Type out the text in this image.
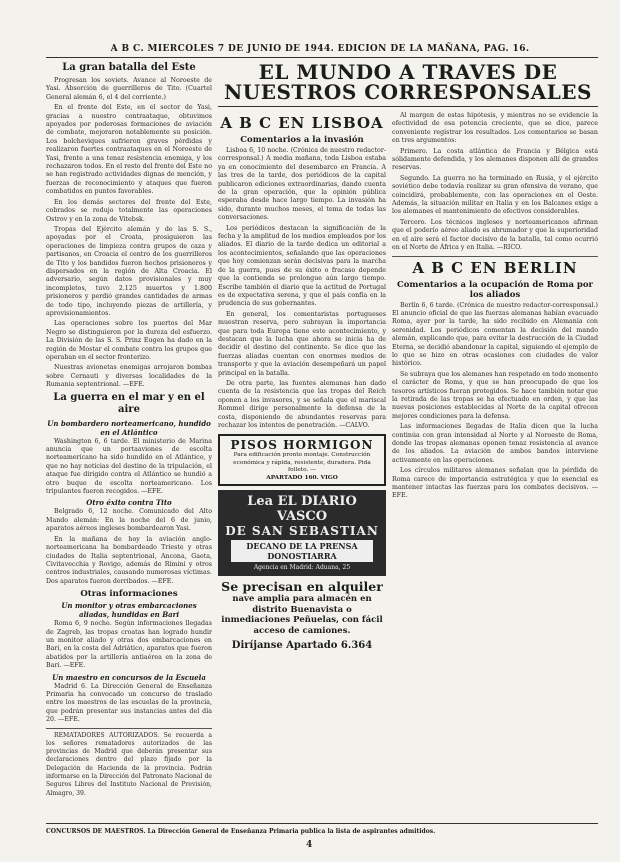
A B C. MIERCOLES 7 DE JUNIO DE 1944. EDICION DE LA MAÑANA, PAG. 16.
La gran batalla del Este

Progresan los soviets. Avance al Noroeste de Yasi. Absorción de guerrilleros de Tito. (Cuartel General alemán 6, el 4 del corriente.)

En el frente del Este, en el sector de Yasi, gracias a nuestro contraataque, obtuvimos apoyados por poderosas formaciones de aviación de combate, mejoraron notablemente su posición. Los bolcheviques sufrieron graves pérdidas y realizaron fuertes contraataques en el Noroeste de Yasi, frente a una tenaz resistencia enemiga, y los rechazaron todos. En el resto del frente del Este no se han registrado actividades dignas de mención, y fuerzas de reconocimiento y ataques que fueron combatidos en puntos favorables.

En los demás sectores del frente del Este, cobrados se redujo totalmente las operaciones Ostrov y en la zona de Vitebsk.

Tropas del Ejército alemán y de las S. S., apoyadas por el Croata, prosiguieron las operaciones de limpieza contra grupos de caza y partisanos, en Croacia el centro de los guerrilleros de Tito y los bandidos fueron hechos prisioneros y dispersados en la región de Alta Croacia. El adversario, según datos provisionales y muy incompletos, tuvo 2.125 muertos y 1.800 prisioneros y perdió grandes cantidades de armas de todo tipo, incluyendo piezas de artillería, y aprovisionamientos.

Las operaciones sobre los puertos del Mar Negro se distinguieron por la dureza del esfuerzo. La División de las S. S. Prinz Eugen ha dado en la región de Mostar el combate contra los grupos que operaban en el sector fronterizo.

Nuestras avionetas enemigas arrojaron bombas sobre Cernauti y diversas localidades de la Rumania septentrional. —EFE.

La guerra en el mar y en el aire
Un bombardero norteamericano, hundido en el Atlántico

Washington 6, 6 tarde. El ministerio de Marina anuncia que un portaaviones de escolta norteamericano ha sido hundido en el Atlántico, y que no hay noticias del destino de la tripulación, el ataque fue dirigido contra el Atlántico se hundió a otro buque de escolta norteamericano. Los tripulantes fueron recogidos. —EFE.

Otro éxito contra Tito

Belgrado 6, 12 noche. Comunicado del Alto Mando alemán: En la noche del 6 de junio, aparatos aéreos ingleses bombardearon Yasi.

En la mañana de hoy la aviación anglo-norteamericana ha bombardeado Trieste y otras ciudades de Italia septentrional, Ancona, Gaeta, Civitavecchia y Rovigo, además de Rímini y otros centros industriales, causando numerosas víctimas. Dos aparatos fueron derribados. —EFE.

Otras informaciones
Un monitor y otras embarcaciones aliadas, hundidas en Bari

Roma 6, 9 noche. Según informaciones llegadas de Zagreb, las tropas croatas han logrado hundir un monitor aliado y otras dos embarcaciones en Bari, en la costa del Adriático, aparatos que fueron abatidos por la artillería antiaérea en la zona de Bari. —EFE.

Un maestro en concursos de la Escuela

Madrid 6. La Dirección General de Enseñanza Primaria ha convocado un concurso de traslado entre los maestros de las escuelas de la provincia, que podrán presentar sus instancias antes del día 20. —EFE.

REMATADORES AUTORIZADOS. Se recuerda a los señores rematadores autorizados de las provincias de Madrid que deberán presentar sus declaraciones dentro del plazo fijado por la Delegación de Hacienda de la provincia. Podrán informarse en la Dirección del Patronato Nacional de Seguros Libres del Instituto Nacional de Previsión, Almagro, 39.

EL MUNDO A TRAVES DE NUESTROS CORRESPONSALES
A B C EN LISBOA
Comentarios a la invasión

Lisboa 6, 10 noche. (Crónica de nuestro redactor-corresponsal.) A media mañana, toda Lisboa estaba ya en conocimiento del desembarco en Francia. A las tres de la tarde, dos periódicos de la capital publicaron ediciones extraordinarias, dando cuenta de la gran operación, que la opinión pública esperaba desde hace largo tiempo. La invasión ha sido, durante muchos meses, el tema de todas las conversaciones.

Los periódicos destacan la significación de la fecha y la amplitud de los medios empleados por los aliados. El diario de la tarde dedica un editorial a los acontecimientos, señalando que las operaciones que hoy comienzan serán decisivas para la marcha de la guerra, pues de su éxito o fracaso depende que la contienda se prolongue aún largo tiempo. Escribe también el diario que la actitud de Portugal es de expectativa serena, y que el país confía en la prudencia de sus gobernantes.

En general, los comentaristas portugueses muestran reserva, pero subrayan la importancia que para toda Europa tiene este acontecimiento, y destacan que la lucha que ahora se inicia ha de decidir el destino del continente. Se dice que las fuerzas aliadas cuentan con enormes medios de transporte y que la aviación desempeñará un papel principal en la batalla.

De otra parte, las fuentes alemanas han dado cuenta de la resistencia que las tropas del Reich oponen a los invasores, y se señala que el mariscal Rommel dirige personalmente la defensa de la costa, disponiendo de abundantes reservas para rechazar los intentos de penetración. —CALVO.

PISOS HORMIGON
Para edificación pronto montaje. Construcción económica y rápida, resistente, duradera. Pida folleto. —
APARTADO 160. VIGO
Lea EL DIARIO VASCO
DE SAN SEBASTIAN
DECANO DE LA PRENSA DONOSTIARRA
Agencia en Madrid: Aduana, 25
Se precisan en alquiler
nave amplia para almacén en distrito Buenavista o inmediaciones Peñuelas, con fácil acceso de camiones.
Diríjanse Apartado 6.364

Al margen de estas hipótesis, y mientras no se evidencie la efectividad de esa potencia creciente, que se dice, parece conveniente registrar los resultados. Los comentarios se basan en tres argumentos:

Primero. La costa atlántica de Francia y Bélgica está sólidamente defendida, y los alemanes disponen allí de grandes reservas.

Segundo. La guerra no ha terminado en Rusia, y el ejército soviético debe todavía realizar su gran ofensiva de verano, que coincidirá, probablemente, con las operaciones en el Oeste. Además, la situación militar en Italia y en los Balcanes exige a los alemanes el mantenimiento de efectivos considerables.

Tercero. Los técnicos ingleses y norteamericanos afirman que el poderío aéreo aliado es abrumador y que la superioridad en el aire será el factor decisivo de la batalla, tal como ocurrió en el Norte de África y en Italia. —RICO.

A B C EN BERLIN
Comentarios a la ocupación de Roma por los aliados

Berlín 6, 6 tarde. (Crónica de nuestro redactor-corresponsal.) El anuncio oficial de que las fuerzas alemanas habían evacuado Roma, ayer por la tarde, ha sido recibido en Alemania con serenidad. Los periódicos comentan la decisión del mando alemán, explicando que, para evitar la destrucción de la Ciudad Eterna, se decidió abandonar la capital, siguiendo el ejemplo de lo que se hizo en otras ocasiones con ciudades de valor histórico.

Se subraya que los alemanes han respetado en todo momento el carácter de Roma, y que se han preocupado de que los tesoros artísticos fueran protegidos. Se hace también notar que la retirada de las tropas se ha efectuado en orden, y que las nuevas posiciones establecidas al Norte de la capital ofrecen mejores condiciones para la defensa.

Las informaciones llegadas de Italia dicen que la lucha continúa con gran intensidad al Norte y al Noroeste de Roma, donde las tropas alemanas oponen tenaz resistencia al avance de los aliados. La aviación de ambos bandos interviene activamente en las operaciones.

Los círculos militares alemanes señalan que la pérdida de Roma carece de importancia estratégica y que lo esencial es mantener intactas las fuerzas para los combates decisivos. —EFE.

CONCURSOS DE MAESTROS. La Dirección General de Enseñanza Primaria publica la lista de aspirantes admitidos.
4
